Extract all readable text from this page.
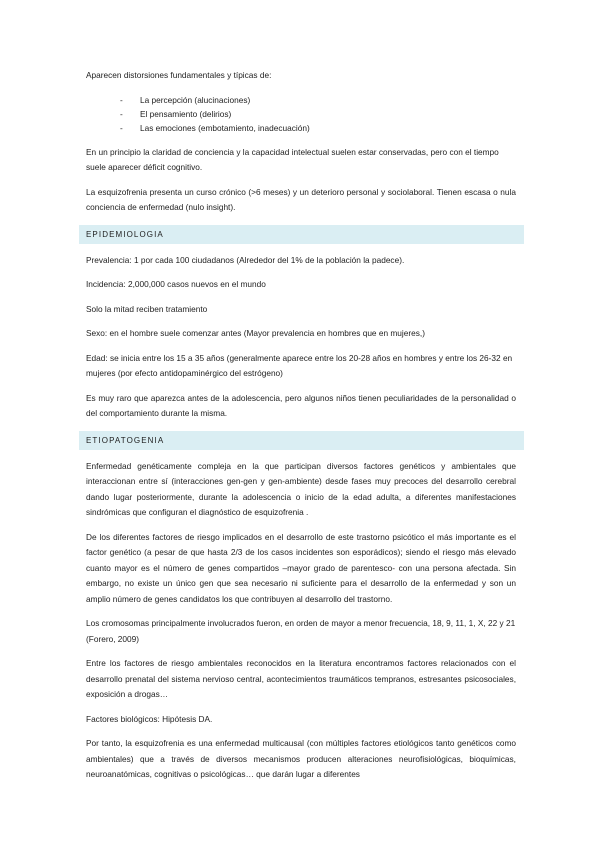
Aparecen distorsiones fundamentales y típicas de:

- La percepción (alucinaciones)
- El pensamiento (delirios)
- Las emociones (embotamiento, inadecuación)

En un principio la claridad de conciencia y la capacidad intelectual suelen estar conservadas, pero con el tiempo suele aparecer déficit cognitivo.

La esquizofrenia presenta un curso crónico (>6 meses) y un deterioro personal y sociolaboral. Tienen escasa o nula conciencia de enfermedad (nulo insight).

EPIDEMIOLOGIA

Prevalencia: 1 por cada 100 ciudadanos (Alrededor del 1% de la población la padece).

Incidencia: 2,000,000 casos nuevos en el mundo

Solo la mitad reciben tratamiento

Sexo: en el hombre suele comenzar antes (Mayor prevalencia en hombres que en mujeres,)

Edad: se inicia entre los 15 a 35 años (generalmente aparece entre los 20-28 años en hombres y entre los 26-32 en mujeres (por efecto antidopaminérgico del estrógeno)

Es muy raro que aparezca antes de la adolescencia, pero algunos niños tienen peculiaridades de la personalidad o del comportamiento durante la misma.

ETIOPATOGENIA

Enfermedad genéticamente compleja en la que participan diversos factores genéticos y ambientales que interaccionan entre sí (interacciones gen-gen y gen-ambiente) desde fases muy precoces del desarrollo cerebral dando lugar posteriormente, durante la adolescencia o inicio de la edad adulta, a diferentes manifestaciones sindrómicas que configuran el diagnóstico de esquizofrenia .

De los diferentes factores de riesgo implicados en el desarrollo de este trastorno psicótico el más importante es el factor genético (a pesar de que hasta 2/3 de los casos incidentes son esporádicos); siendo el riesgo más elevado cuanto mayor es el número de genes compartidos –mayor grado de parentesco- con una persona afectada. Sin embargo, no existe un único gen que sea necesario ni suficiente para el desarrollo de la enfermedad y son un amplio número de genes candidatos los que contribuyen al desarrollo del trastorno.

Los cromosomas principalmente involucrados fueron, en orden de mayor a menor frecuencia, 18, 9, 11, 1, X, 22 y 21 (Forero, 2009)

Entre los factores de riesgo ambientales reconocidos en la literatura encontramos factores relacionados con el desarrollo prenatal del sistema nervioso central, acontecimientos traumáticos tempranos, estresantes psicosociales, exposición a drogas…

Factores biológicos: Hipótesis DA.

Por tanto, la esquizofrenia es una enfermedad multicausal (con múltiples factores etiológicos tanto genéticos como ambientales) que a través de diversos mecanismos producen alteraciones neurofisiológicas, bioquímicas, neuroanatómicas, cognitivas o psicológicas… que darán lugar a diferentes
